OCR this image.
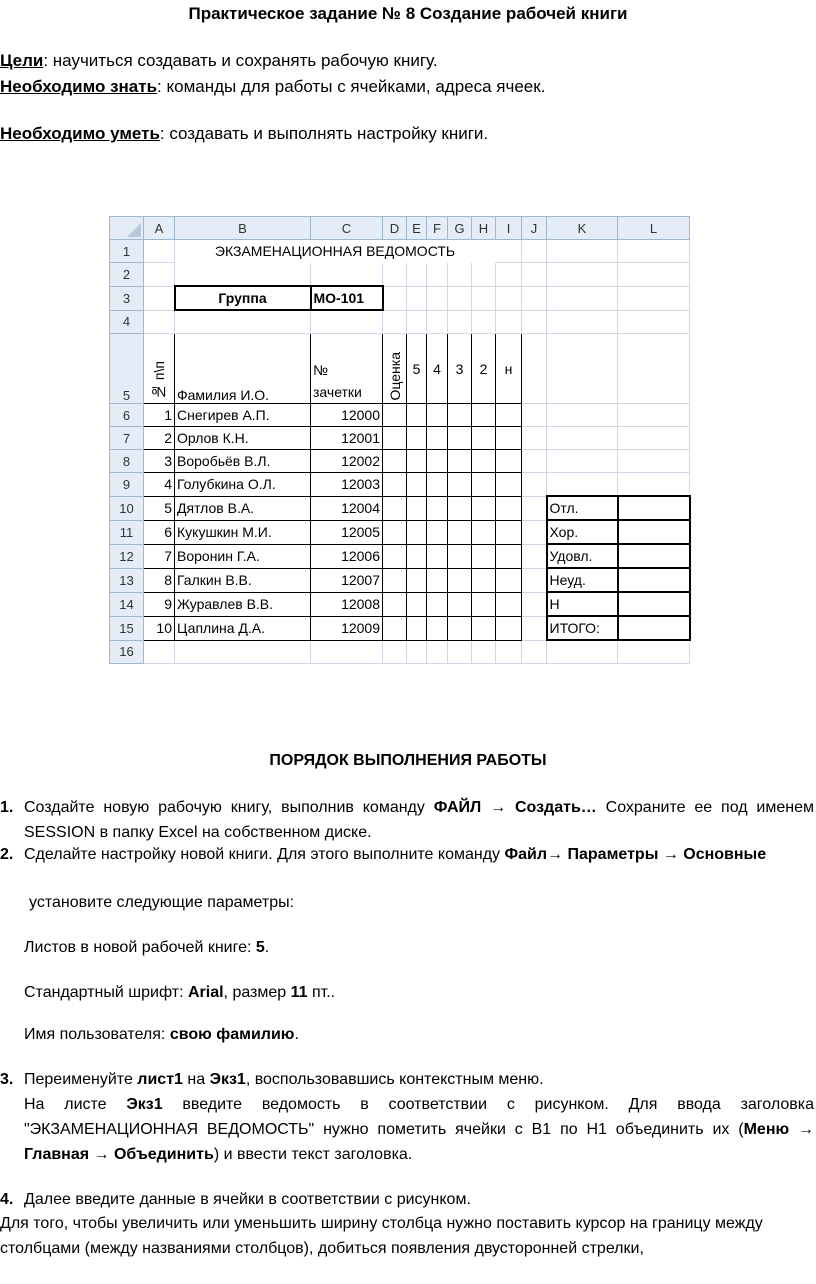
Практическое задание № 8 Создание рабочей книги
Цели: научиться создавать и сохранять рабочую книгу.
Необходимо знать: команды для работы с ячейками, адреса ячеек.
Необходимо уметь: создавать и выполнять настройку книги.
	A	B	C	D	E	F	G	H	I	J	K	L
1		ЭКЗАМЕНАЦИОННАЯ ВЕДОМОСТЬ										
2												
3		Группа	МО-101									
4												
5	№ п\п	Фамилия И.О.	№ зачетки	Оценка	5	4	3	2	н			
6	1	Снегирев А.П.	12000									
7	2	Орлов К.Н.	12001									
8	3	Воробьёв В.Л.	12002									
9	4	Голубкина О.Л.	12003									
10	5	Дятлов В.А.	12004								Отл.	
11	6	Кукушкин М.И.	12005								Хор.	
12	7	Воронин Г.А.	12006								Удовл.	
13	8	Галкин В.В.	12007								Неуд.	
14	9	Журавлев В.В.	12008								Н	
15	10	Цаплина Д.А.	12009								ИТОГО:	
16												
ПОРЯДОК ВЫПОЛНЕНИЯ РАБОТЫ
1. Создайте новую рабочую книгу, выполнив команду ФАЙЛ → Создать… Сохраните ее под именем SESSION в папку Excel на собственном диске.
2. Сделайте настройку новой книги. Для этого выполните команду Файл→ Параметры → Основные
установите следующие параметры:
Листов в новой рабочей книге: 5.
Стандартный шрифт: Arial, размер 11 пт..
Имя пользователя: свою фамилию.
3. Переименуйте лист1 на Экз1, воспользовавшись контекстным меню.
На листе Экз1 введите ведомость в соответствии с рисунком. Для ввода заголовка "ЭКЗАМЕНАЦИОННАЯ ВЕДОМОСТЬ" нужно пометить ячейки с B1 по H1 объединить их (Меню → Главная → Объединить) и ввести текст заголовка.
4. Далее введите данные в ячейки в соответствии с рисунком.
Для того, чтобы увеличить или уменьшить ширину столбца нужно поставить курсор на границу между столбцами (между названиями столбцов), добиться появления двусторонней стрелки,
